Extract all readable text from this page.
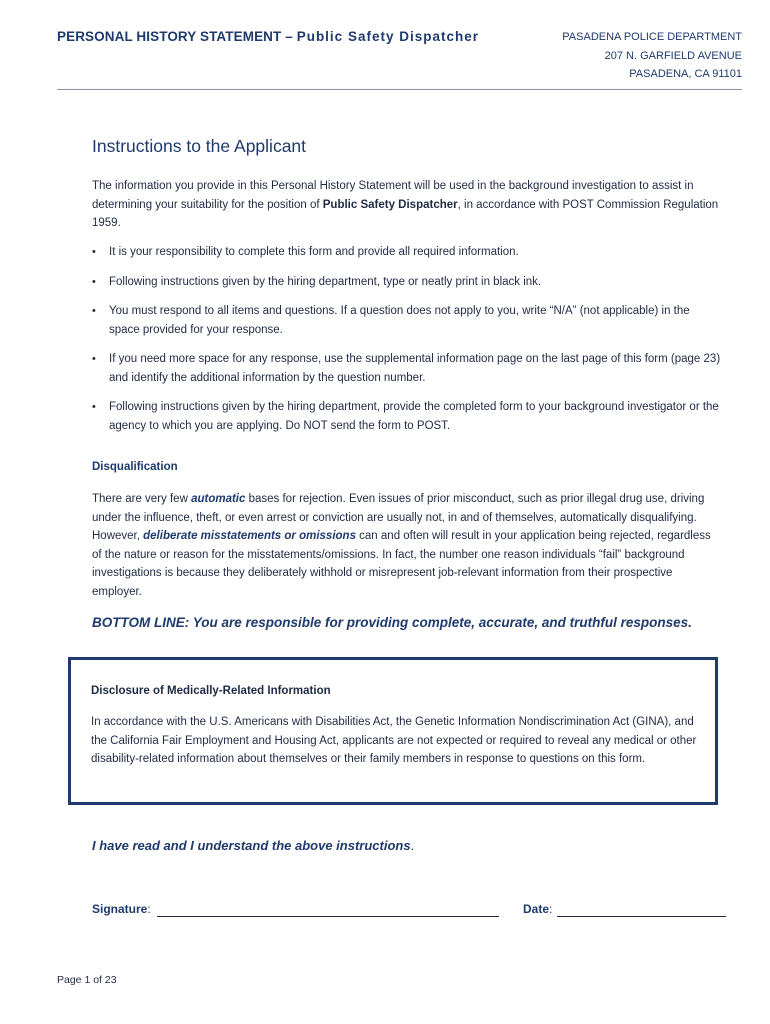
PERSONAL HISTORY STATEMENT – Public Safety Dispatcher	PASADENA POLICE DEPARTMENT
207 N. GARFIELD AVENUE
PASADENA, CA 91101
Instructions to the Applicant
The information you provide in this Personal History Statement will be used in the background investigation to assist in determining your suitability for the position of Public Safety Dispatcher, in accordance with POST Commission Regulation 1959.
• It is your responsibility to complete this form and provide all required information.
• Following instructions given by the hiring department, type or neatly print in black ink.
• You must respond to all items and questions. If a question does not apply to you, write “N/A” (not applicable) in the space provided for your response.
• If you need more space for any response, use the supplemental information page on the last page of this form (page 23) and identify the additional information by the question number.
• Following instructions given by the hiring department, provide the completed form to your background investigator or the agency to which you are applying. Do NOT send the form to POST.
Disqualification
There are very few automatic bases for rejection. Even issues of prior misconduct, such as prior illegal drug use, driving under the influence, theft, or even arrest or conviction are usually not, in and of themselves, automatically disqualifying. However, deliberate misstatements or omissions can and often will result in your application being rejected, regardless of the nature or reason for the misstatements/omissions. In fact, the number one reason individuals “fail” background investigations is because they deliberately withhold or misrepresent job-relevant information from their prospective employer.
BOTTOM LINE: You are responsible for providing complete, accurate, and truthful responses.
Disclosure of Medically-Related Information
In accordance with the U.S. Americans with Disabilities Act, the Genetic Information Nondiscrimination Act (GINA), and the California Fair Employment and Housing Act, applicants are not expected or required to reveal any medical or other disability-related information about themselves or their family members in response to questions on this form.
I have read and I understand the above instructions.
Signature:	Date:
Page 1 of 23
